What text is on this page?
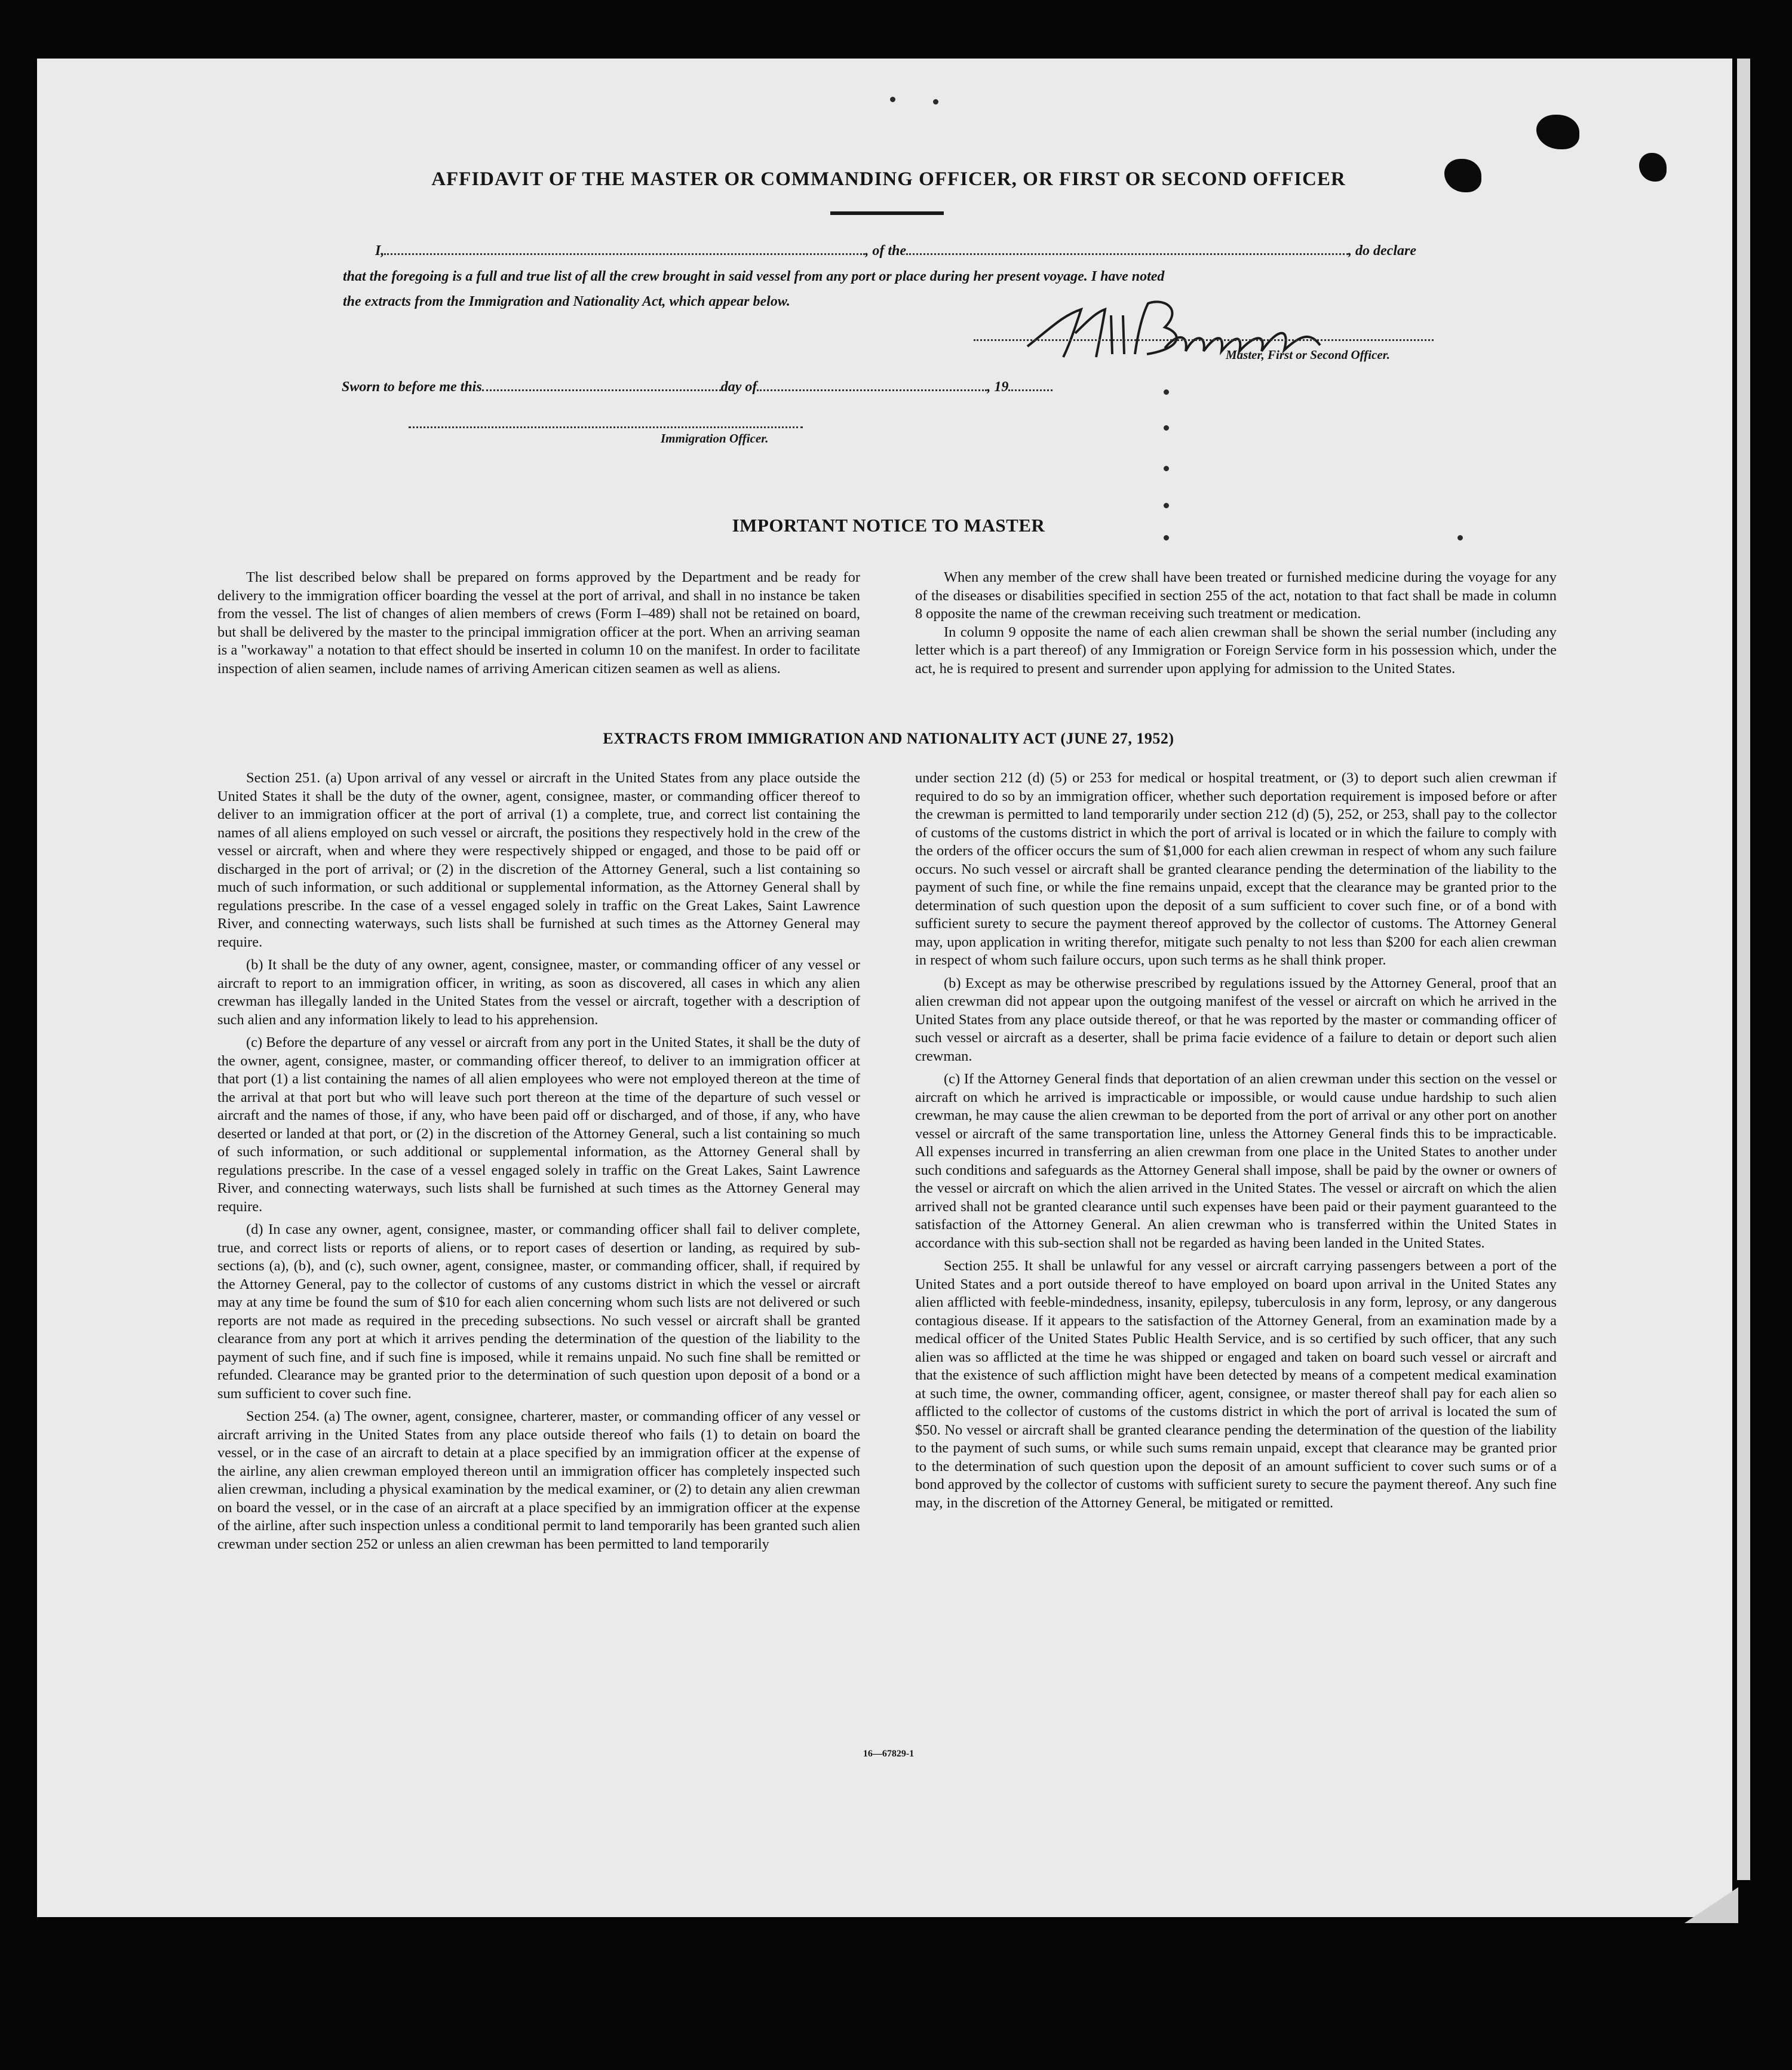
AFFIDAVIT OF THE MASTER OR COMMANDING OFFICER, OR FIRST OR SECOND OFFICER
I,	, of the	, do declare
that the foregoing is a full and true list of all the crew brought in said vessel from any port or place during her present voyage. I have noted
the extracts from the Immigration and Nationality Act, which appear below.
Master, First or Second Officer.
Sworn to before me this	day of	, 19
Immigration Officer.
IMPORTANT NOTICE TO MASTER

The list described below shall be prepared on forms approved by the Department and be ready for delivery to the immigration officer boarding the vessel at the port of arrival, and shall in no instance be taken from the vessel. The list of changes of alien members of crews (Form I–489) shall not be retained on board, but shall be delivered by the master to the principal immigration officer at the port. When an arriving seaman is a "workaway" a notation to that effect should be inserted in column 10 on the manifest. In order to facilitate inspection of alien seamen, include names of arriving American citizen seamen as well as aliens.

When any member of the crew shall have been treated or furnished medicine during the voyage for any of the diseases or disabilities specified in section 255 of the act, notation to that fact shall be made in column 8 opposite the name of the crewman receiving such treatment or medication.

In column 9 opposite the name of each alien crewman shall be shown the serial number (including any letter which is a part thereof) of any Immigration or Foreign Service form in his possession which, under the act, he is required to present and surrender upon applying for admission to the United States.

EXTRACTS FROM IMMIGRATION AND NATIONALITY ACT (JUNE 27, 1952)

Section 251. (a) Upon arrival of any vessel or aircraft in the United States from any place outside the United States it shall be the duty of the owner, agent, consignee, master, or commanding officer thereof to deliver to an immigration officer at the port of arrival (1) a complete, true, and correct list containing the names of all aliens employed on such vessel or aircraft, the positions they respectively hold in the crew of the vessel or aircraft, when and where they were respectively shipped or engaged, and those to be paid off or discharged in the port of arrival; or (2) in the discretion of the Attorney General, such a list containing so much of such information, or such additional or supplemental information, as the Attorney General shall by regulations prescribe. In the case of a vessel engaged solely in traffic on the Great Lakes, Saint Lawrence River, and connecting waterways, such lists shall be furnished at such times as the Attorney General may require.

(b) It shall be the duty of any owner, agent, consignee, master, or commanding officer of any vessel or aircraft to report to an immigration officer, in writing, as soon as discovered, all cases in which any alien crewman has illegally landed in the United States from the vessel or aircraft, together with a description of such alien and any information likely to lead to his apprehension.

(c) Before the departure of any vessel or aircraft from any port in the United States, it shall be the duty of the owner, agent, consignee, master, or commanding officer thereof, to deliver to an immigration officer at that port (1) a list containing the names of all alien employees who were not employed thereon at the time of the arrival at that port but who will leave such port thereon at the time of the departure of such vessel or aircraft and the names of those, if any, who have been paid off or discharged, and of those, if any, who have deserted or landed at that port, or (2) in the discretion of the Attorney General, such a list containing so much of such information, or such additional or supplemental information, as the Attorney General shall by regulations prescribe. In the case of a vessel engaged solely in traffic on the Great Lakes, Saint Lawrence River, and connecting waterways, such lists shall be furnished at such times as the Attorney General may require.

(d) In case any owner, agent, consignee, master, or commanding officer shall fail to deliver complete, true, and correct lists or reports of aliens, or to report cases of desertion or landing, as required by sub-sections (a), (b), and (c), such owner, agent, consignee, master, or commanding officer, shall, if required by the Attorney General, pay to the collector of customs of any customs district in which the vessel or aircraft may at any time be found the sum of $10 for each alien concerning whom such lists are not delivered or such reports are not made as required in the preceding subsections. No such vessel or aircraft shall be granted clearance from any port at which it arrives pending the determination of the question of the liability to the payment of such fine, and if such fine is imposed, while it remains unpaid. No such fine shall be remitted or refunded. Clearance may be granted prior to the determination of such question upon deposit of a bond or a sum sufficient to cover such fine.

Section 254. (a) The owner, agent, consignee, charterer, master, or commanding officer of any vessel or aircraft arriving in the United States from any place outside thereof who fails (1) to detain on board the vessel, or in the case of an aircraft to detain at a place specified by an immigration officer at the expense of the airline, any alien crewman employed thereon until an immigration officer has completely inspected such alien crewman, including a physical examination by the medical examiner, or (2) to detain any alien crewman on board the vessel, or in the case of an aircraft at a place specified by an immigration officer at the expense of the airline, after such inspection unless a conditional permit to land temporarily has been granted such alien crewman under section 252 or unless an alien crewman has been permitted to land temporarily

under section 212 (d) (5) or 253 for medical or hospital treatment, or (3) to deport such alien crewman if required to do so by an immigration officer, whether such deportation requirement is imposed before or after the crewman is permitted to land temporarily under section 212 (d) (5), 252, or 253, shall pay to the collector of customs of the customs district in which the port of arrival is located or in which the failure to comply with the orders of the officer occurs the sum of $1,000 for each alien crewman in respect of whom any such failure occurs. No such vessel or aircraft shall be granted clearance pending the determination of the liability to the payment of such fine, or while the fine remains unpaid, except that the clearance may be granted prior to the determination of such question upon the deposit of a sum sufficient to cover such fine, or of a bond with sufficient surety to secure the payment thereof approved by the collector of customs. The Attorney General may, upon application in writing therefor, mitigate such penalty to not less than $200 for each alien crewman in respect of whom such failure occurs, upon such terms as he shall think proper.

(b) Except as may be otherwise prescribed by regulations issued by the Attorney General, proof that an alien crewman did not appear upon the outgoing manifest of the vessel or aircraft on which he arrived in the United States from any place outside thereof, or that he was reported by the master or commanding officer of such vessel or aircraft as a deserter, shall be prima facie evidence of a failure to detain or deport such alien crewman.

(c) If the Attorney General finds that deportation of an alien crewman under this section on the vessel or aircraft on which he arrived is impracticable or impossible, or would cause undue hardship to such alien crewman, he may cause the alien crewman to be deported from the port of arrival or any other port on another vessel or aircraft of the same transportation line, unless the Attorney General finds this to be impracticable. All expenses incurred in transferring an alien crewman from one place in the United States to another under such conditions and safeguards as the Attorney General shall impose, shall be paid by the owner or owners of the vessel or aircraft on which the alien arrived in the United States. The vessel or aircraft on which the alien arrived shall not be granted clearance until such expenses have been paid or their payment guaranteed to the satisfaction of the Attorney General. An alien crewman who is transferred within the United States in accordance with this sub-section shall not be regarded as having been landed in the United States.

Section 255. It shall be unlawful for any vessel or aircraft carrying passengers between a port of the United States and a port outside thereof to have employed on board upon arrival in the United States any alien afflicted with feeble-mindedness, insanity, epilepsy, tuberculosis in any form, leprosy, or any dangerous contagious disease. If it appears to the satisfaction of the Attorney General, from an examination made by a medical officer of the United States Public Health Service, and is so certified by such officer, that any such alien was so afflicted at the time he was shipped or engaged and taken on board such vessel or aircraft and that the existence of such affliction might have been detected by means of a competent medical examination at such time, the owner, commanding officer, agent, consignee, or master thereof shall pay for each alien so afflicted to the collector of customs of the customs district in which the port of arrival is located the sum of $50. No vessel or aircraft shall be granted clearance pending the determination of the question of the liability to the payment of such sums, or while such sums remain unpaid, except that clearance may be granted prior to the determination of such question upon the deposit of an amount sufficient to cover such sums or of a bond approved by the collector of customs with sufficient surety to secure the payment thereof. Any such fine may, in the discretion of the Attorney General, be mitigated or remitted.

16—67829-1
